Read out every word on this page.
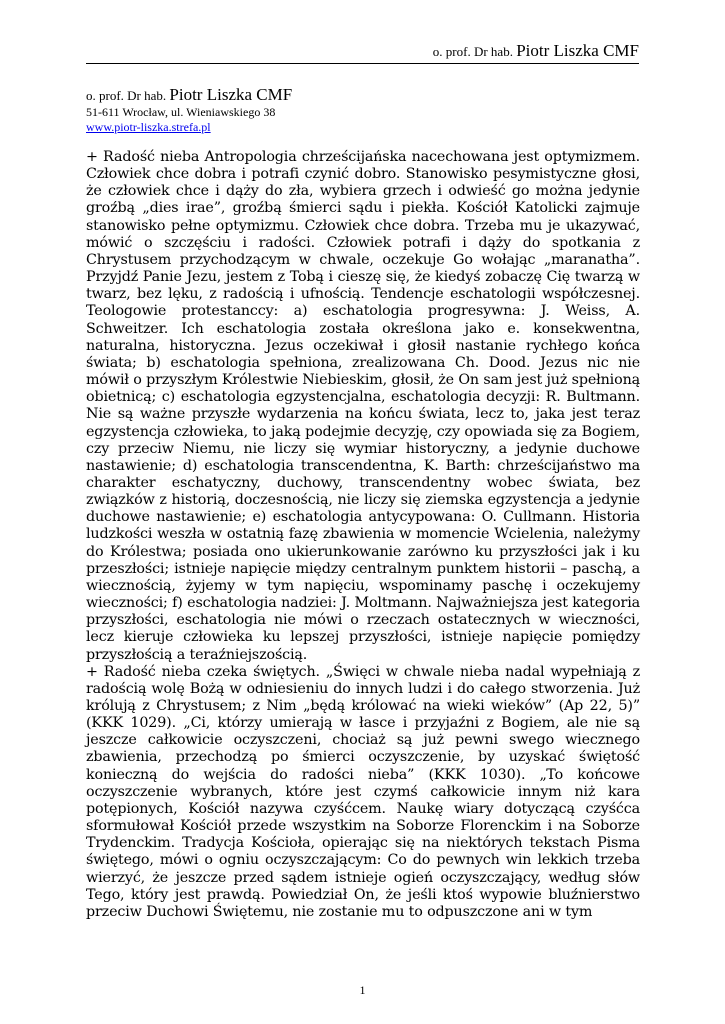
o. prof. Dr hab. Piotr Liszka CMF
o. prof. Dr hab. Piotr Liszka CMF
51-611 Wrocław, ul. Wieniawskiego 38
www.piotr-liszka.strefa.pl

+ Radość nieba Antropologia chrześcijańska nacechowana jest optymizmem. Człowiek chce dobra i potrafi czynić dobro. Stanowisko pesymistyczne głosi, że człowiek chce i dąży do zła, wybiera grzech i odwieść go można jedynie groźbą „dies irae”, groźbą śmierci sądu i piekła. Kościół Katolicki zajmuje stanowisko pełne optymizmu. Człowiek chce dobra. Trzeba mu je ukazywać, mówić o szczęściu i radości. Człowiek potrafi i dąży do spotkania z Chrystusem przychodzącym w chwale, oczekuje Go wołając „maranatha”. Przyjdź Panie Jezu, jestem z Tobą i cieszę się, że kiedyś zobaczę Cię twarzą w twarz, bez lęku, z radością i ufnością. Tendencje eschatologii współczesnej. Teologowie protestanccy: a) eschatologia progresywna: J. Weiss, A. Schweitzer. Ich eschatologia została określona jako e. konsekwentna, naturalna, historyczna. Jezus oczekiwał i głosił nastanie rychłego końca świata; b) eschatologia spełniona, zrealizowana Ch. Dood. Jezus nic nie mówił o przyszłym Królestwie Niebieskim, głosił, że On sam jest już spełnioną obietnicą; c) eschatologia egzystencjalna, eschatologia decyzji: R. Bultmann. Nie są ważne przyszłe wydarzenia na końcu świata, lecz to, jaka jest teraz egzystencja człowieka, to jaką podejmie decyzję, czy opowiada się za Bogiem, czy przeciw Niemu, nie liczy się wymiar historyczny, a jedynie duchowe nastawienie; d) eschatologia transcendentna, K. Barth: chrześcijaństwo ma charakter eschatyczny, duchowy, transcendentny wobec świata, bez związków z historią, doczesnością, nie liczy się ziemska egzystencja a jedynie duchowe nastawienie; e) eschatologia antycypowana: O. Cullmann. Historia ludzkości weszła w ostatnią fazę zbawienia w momencie Wcielenia, należymy do Królestwa; posiada ono ukierunkowanie zarówno ku przyszłości jak i ku przeszłości; istnieje napięcie między centralnym punktem historii – paschą, a wiecznością, żyjemy w tym napięciu, wspominamy paschę i oczekujemy wieczności; f) eschatologia nadziei: J. Moltmann. Najważniejsza jest kategoria przyszłości, eschatologia nie mówi o rzeczach ostatecznych w wieczności, lecz kieruje człowieka ku lepszej przyszłości, istnieje napięcie pomiędzy przyszłością a teraźniejszością.

+ Radość nieba czeka świętych. „Święci w chwale nieba nadal wypełniają z radością wolę Bożą w odniesieniu do innych ludzi i do całego stworzenia. Już królują z Chrystusem; z Nim „będą królować na wieki wieków” (Ap 22, 5)” (KKK 1029). „Ci, którzy umierają w łasce i przyjaźni z Bogiem, ale nie są jeszcze całkowicie oczyszczeni, chociaż są już pewni swego wiecznego zbawienia, przechodzą po śmierci oczyszczenie, by uzyskać świętość konieczną do wejścia do radości nieba” (KKK 1030). „To końcowe oczyszczenie wybranych, które jest czymś całkowicie innym niż kara potępionych, Kościół nazywa czyśćcem. Naukę wiary dotyczącą czyśćca sformułował Kościół przede wszystkim na Soborze Florenckim i na Soborze Trydenckim. Tradycja Kościoła, opierając się na niektórych tekstach Pisma świętego, mówi o ogniu oczyszczającym: Co do pewnych win lekkich trzeba wierzyć, że jeszcze przed sądem istnieje ogień oczyszczający, według słów Tego, który jest prawdą. Powiedział On, że jeśli ktoś wypowie bluźnierstwo przeciw Duchowi Świętemu, nie zostanie mu to odpuszczone ani w tym

1
